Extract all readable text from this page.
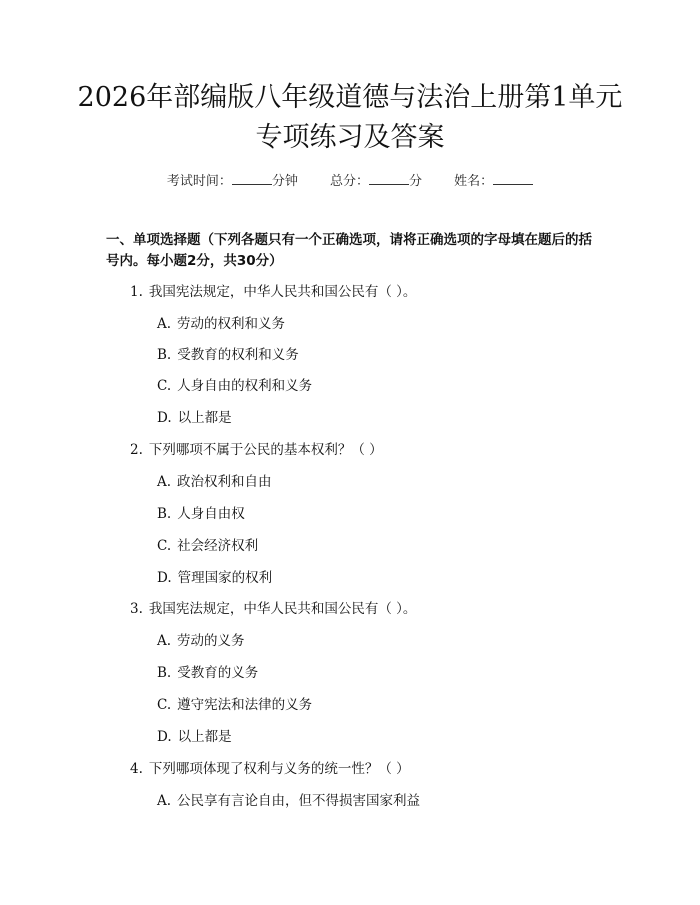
2026年部编版八年级道德与法治上册第1单元专项练习及答案
考试时间：	分钟 总分：	分 姓名：

一、单项选择题（下列各题只有一个正确选项，请将正确选项的字母填在题后的括号内。每小题2分，共30分）

1. 我国宪法规定，中华人民共和国公民有（ ）。
A. 劳动的权利和义务
B. 受教育的权利和义务
C. 人身自由的权利和义务
D. 以上都是
2. 下列哪项不属于公民的基本权利？（ ）
A. 政治权利和自由
B. 人身自由权
C. 社会经济权利
D. 管理国家的权利
3. 我国宪法规定，中华人民共和国公民有（ ）。
A. 劳动的义务
B. 受教育的义务
C. 遵守宪法和法律的义务
D. 以上都是
4. 下列哪项体现了权利与义务的统一性？（ ）
A. 公民享有言论自由，但不得损害国家利益
